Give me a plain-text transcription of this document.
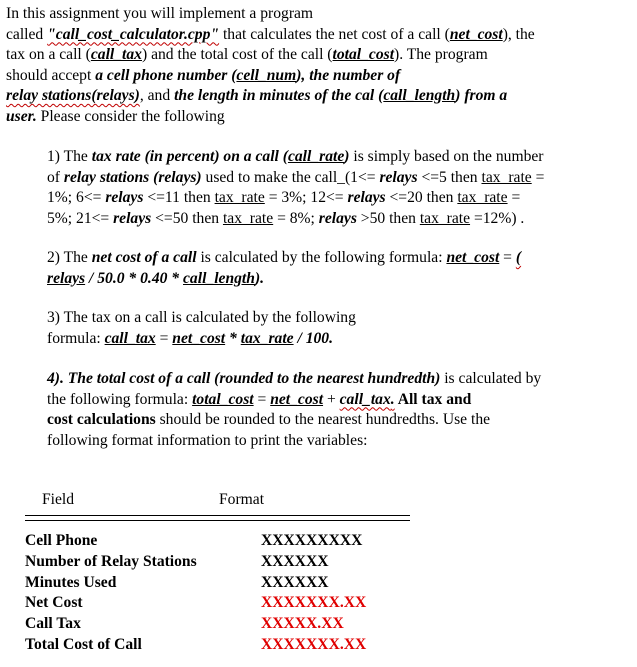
In this assignment you will implement a program
called "call_cost_calculator.cpp" that calculates the net cost of a call (net_cost), the
tax on a call (call_tax) and the total cost of the call (total_cost). The program
should accept a cell phone number (cell_num), the number of
relay stations(relays), and the length in minutes of the cal (call_length) from a
user. Please consider the following

1) The tax rate (in percent) on a call (call_rate) is simply based on the number
of relay stations (relays) used to make the call_(1<= relays <=5 then tax_rate =
1%; 6<= relays <=11 then tax_rate = 3%; 12<= relays <=20 then tax_rate =
5%; 21<= relays <=50 then tax_rate = 8%; relays >50 then tax_rate =12%) .

2) The net cost of a call is calculated by the following formula: net_cost = (
relays / 50.0 * 0.40 * call_length).

3) The tax on a call is calculated by the following
formula: call_tax = net_cost * tax_rate / 100.

4). The total cost of a call (rounded to the nearest hundredth) is calculated by
the following formula: total_cost = net_cost + call_tax. All tax and
cost calculations should be rounded to the nearest hundredths. Use the
following format information to print the variables:

Field	Format
Cell Phone	XXXXXXXXX
Number of Relay Stations	XXXXXX
Minutes Used	XXXXXX
Net Cost	XXXXXXX.XX
Call Tax	XXXXX.XX
Total Cost of Call	XXXXXXX.XX
